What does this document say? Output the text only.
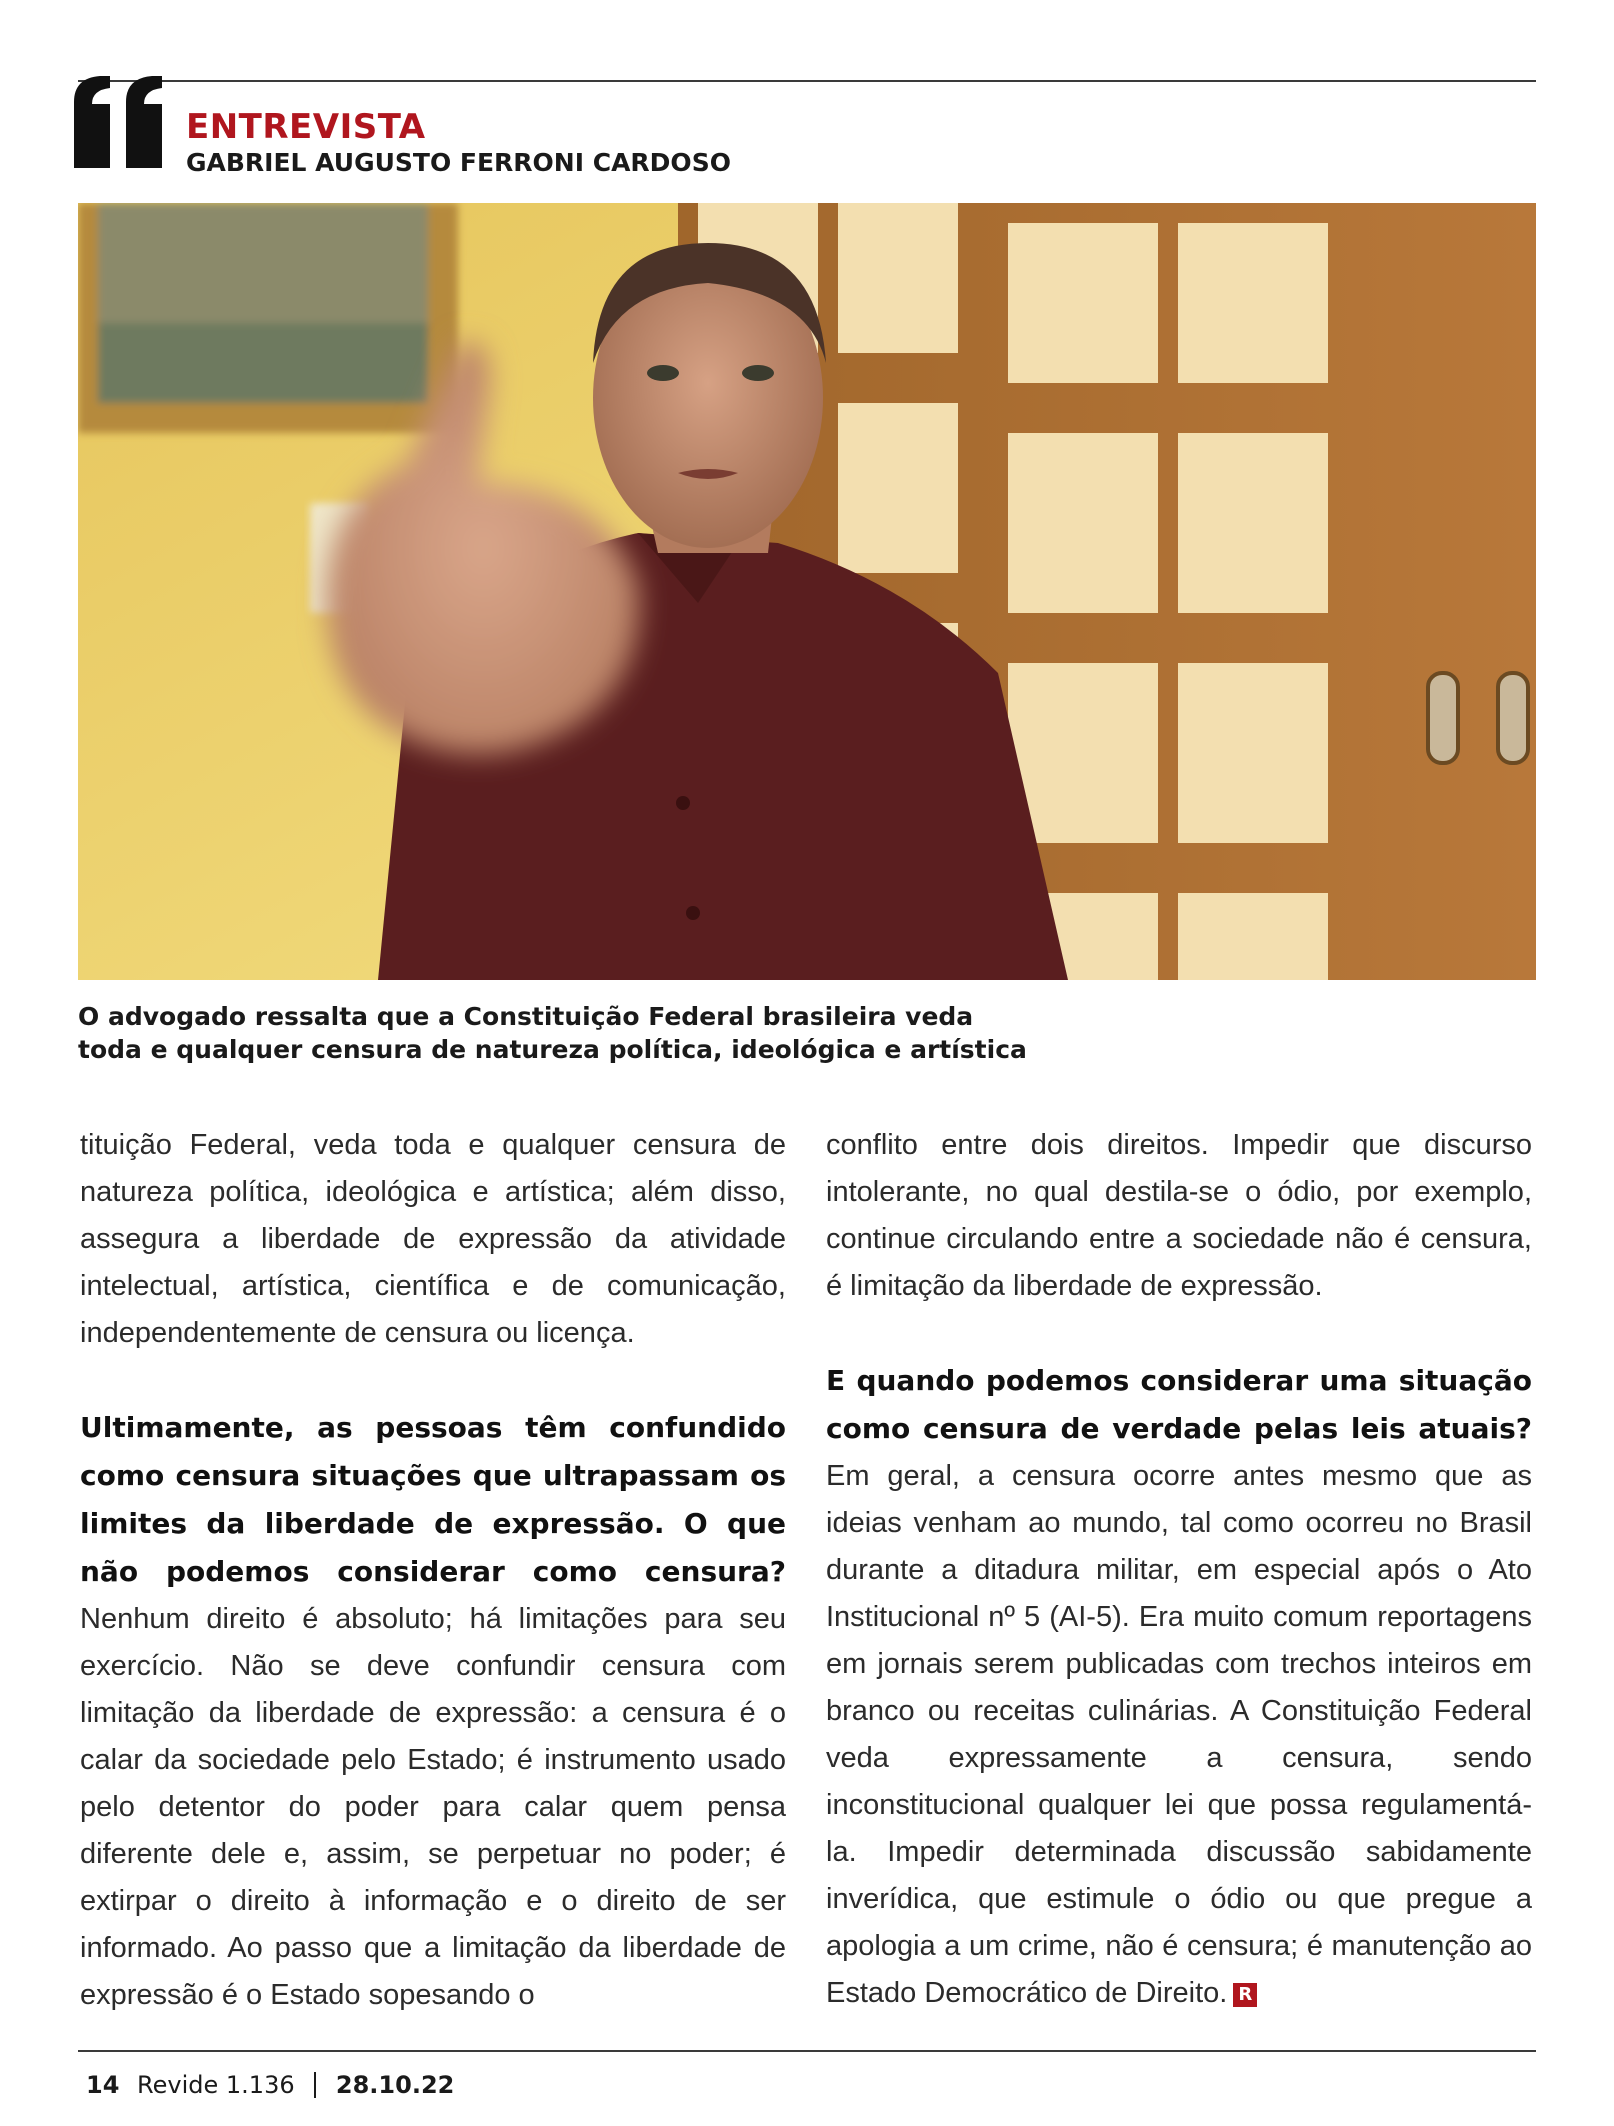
ENTREVISTA
GABRIEL AUGUSTO FERRONI CARDOSO
O advogado ressalta que a Constituição Federal brasileira veda
toda e qualquer censura de natureza política, ideológica e artística

tituição Federal, veda toda e qualquer censura de natureza política, ideológica e artística; além disso, assegura a liberdade de expressão da atividade intelectual, artística, científica e de comunicação, independentemente de censura ou licença.

Ultimamente, as pessoas têm confundido como censura situações que ultrapassam os limites da liberdade de expressão. O que não podemos considerar como censura? Nenhum direito é absoluto; há limitações para seu exercício. Não se deve confundir censura com limitação da liberdade de expressão: a censura é o calar da sociedade pelo Estado; é instrumento usado pelo detentor do poder para calar quem pensa diferente dele e, assim, se perpetuar no poder; é extirpar o direito à informação e o direito de ser informado. Ao passo que a limitação da liberdade de expressão é o Estado sopesando o

conflito entre dois direitos. Impedir que discurso intolerante, no qual destila-se o ódio, por exemplo, continue circulando entre a sociedade não é censura, é limitação da liberdade de expressão.

E quando podemos considerar uma situação como censura de verdade pelas leis atuais? Em geral, a censura ocorre antes mesmo que as ideias venham ao mundo, tal como ocorreu no Brasil durante a ditadura militar, em especial após o Ato Institucional nº 5 (AI-5). Era muito comum reportagens em jornais serem publicadas com trechos inteiros em branco ou receitas culinárias. A Constituição Federal veda expressamente a censura, sendo inconstitucional qualquer lei que possa regulamentá-la. Impedir determinada discussão sabidamente inverídica, que estimule o ódio ou que pregue a apologia a um crime, não é censura; é manutenção ao Estado Democrático de Direito. R

14 Revide 1.136 28.10.22
